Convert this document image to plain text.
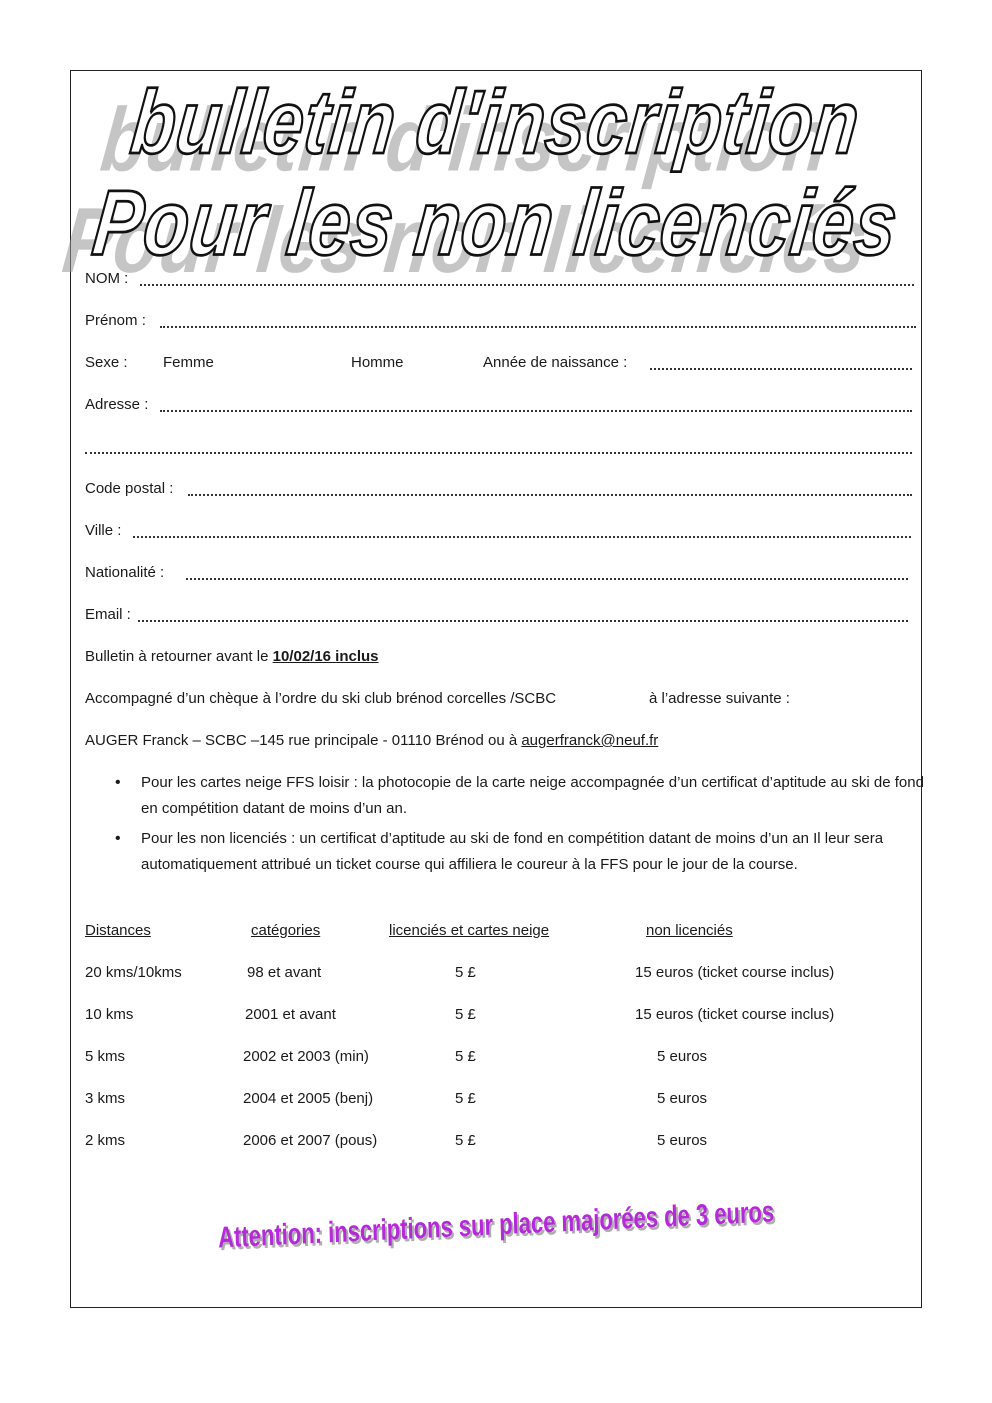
bulletin d'inscription
Pour les non licenciés
NOM :
Prénom :
Sexe : Femme	Homme	Année de naissance :
Adresse :
Code postal :
Ville :
Nationalité :
Email :
Bulletin à retourner avant le 10/02/16 inclus
Accompagné d’un chèque à l’ordre du ski club brénod corcelles /SCBC	à l’adresse suivante :
AUGER Franck – SCBC –145 rue principale - 01110 Brénod ou à augerfranck@neuf.fr
• Pour les cartes neige FFS loisir : la photocopie de la carte neige accompagnée d’un certificat d’aptitude au ski de fond en compétition datant de moins d’un an.
• Pour les non licenciés : un certificat d’aptitude au ski de fond en compétition datant de moins d’un an Il leur sera automatiquement attribué un ticket course qui affiliera le coureur à la FFS pour le jour de la course.
Distances	catégories	licenciés et cartes neige	non licenciés
20 kms/10kms	98 et avant	5 £	15 euros (ticket course inclus)
10 kms	2001 et avant	5 £	15 euros (ticket course inclus)
5 kms	2002 et 2003 (min)	5 £	5 euros
3 kms	2004 et 2005 (benj)	5 £	5 euros
2 kms	2006 et 2007 (pous)	5 £	5 euros
Attention: inscriptions sur place majorées de 3 euros
